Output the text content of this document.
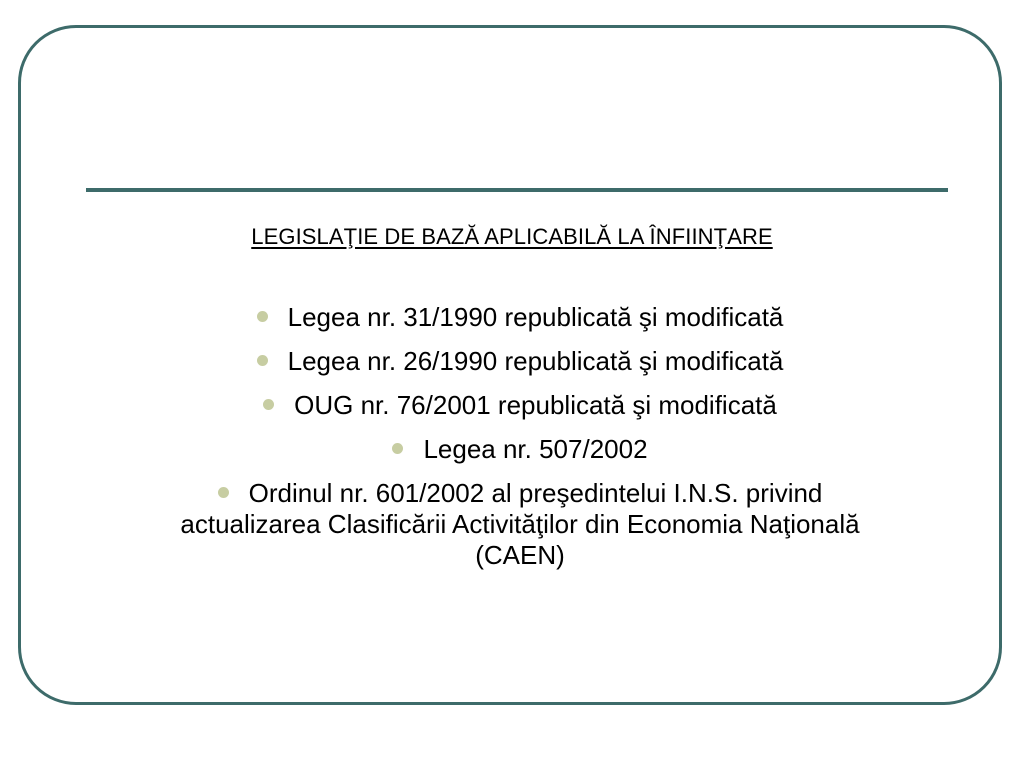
LEGISLAŢIE DE BAZĂ APLICABILĂ LA ÎNFIINŢARE
Legea nr. 31/1990 republicată şi modificată
Legea nr. 26/1990 republicată şi modificată
OUG nr. 76/2001 republicată şi modificată
Legea nr. 507/2002
Ordinul nr. 601/2002 al preşedintelui I.N.S. privind actualizarea Clasificării Activităţilor din Economia Naţională (CAEN)
